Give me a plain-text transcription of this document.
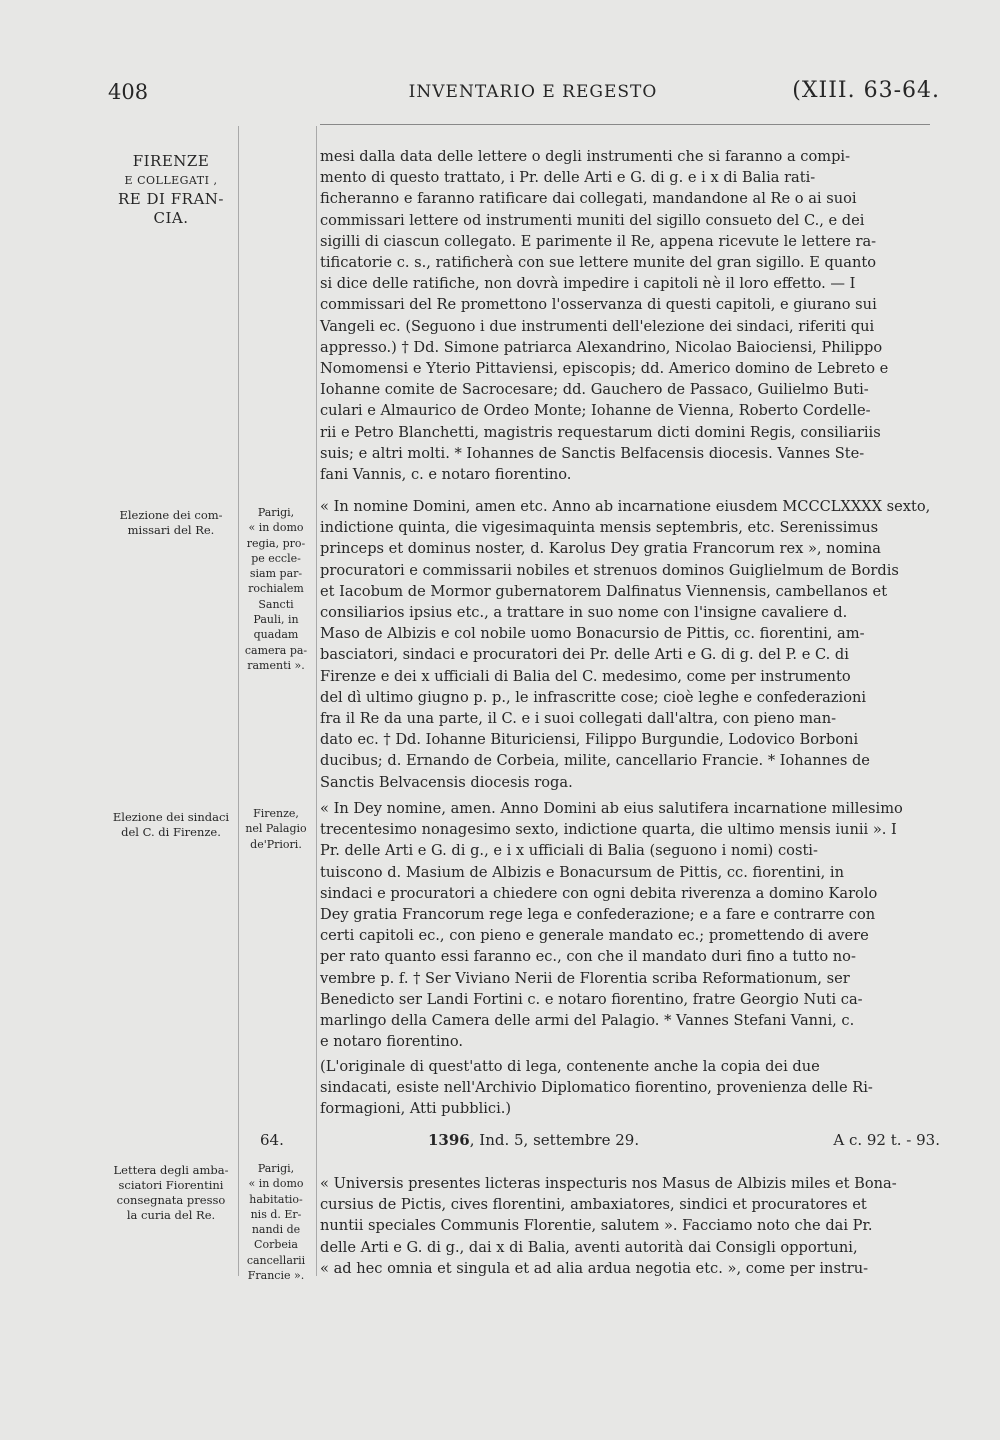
408	INVENTARIO E REGESTO	(XIII. 63-64.
FIRENZE
E COLLEGATI ,
RE DI FRAN-
CIA.
Elezione dei com-
missari del Re.
Elezione dei sindaci
del C. di Firenze.
Lettera degli amba-
sciatori Fiorentini
consegnata presso
la curia del Re.
Parigi,
« in domo
regia, pro-
pe eccle-
siam par-
rochialem
Sancti
Pauli, in
quadam
camera pa-
ramenti ».
Firenze,
nel Palagio
de'Priori.
Parigi,
« in domo
habitatio-
nis d. Er-
nandi de
Corbeia
cancellarii
Francie ».
mesi dalla data delle lettere o degli instrumenti che si faranno a compi-
mento di questo trattato, i Pr. delle Arti e G. di g. e i x di Balia rati-
ficheranno e faranno ratificare dai collegati, mandandone al Re o ai suoi
commissari lettere od instrumenti muniti del sigillo consueto del C., e dei
sigilli di ciascun collegato. E parimente il Re, appena ricevute le lettere ra-
tificatorie c. s., ratificherà con sue lettere munite del gran sigillo. E quanto
si dice delle ratifiche, non dovrà impedire i capitoli nè il loro effetto. — I
commissari del Re promettono l'osservanza di questi capitoli, e giurano sui
Vangeli ec. (Seguono i due instrumenti dell'elezione dei sindaci, riferiti qui
appresso.) † Dd. Simone patriarca Alexandrino, Nicolao Baiociensi, Philippo
Nomomensi e Yterio Pittaviensi, episcopis; dd. Americo domino de Lebreto e
Iohanne comite de Sacrocesare; dd. Gauchero de Passaco, Guilielmo Buti-
culari e Almaurico de Ordeo Monte; Iohanne de Vienna, Roberto Cordelle-
rii e Petro Blanchetti, magistris requestarum dicti domini Regis, consiliariis
suis; e altri molti. * Iohannes de Sanctis Belfacensis diocesis. Vannes Ste-
fani Vannis, c. e notaro fiorentino.
« In nomine Domini, amen etc. Anno ab incarnatione eiusdem MCCCLXXXX sexto,
indictione quinta, die vigesimaquinta mensis septembris, etc. Serenissimus
princeps et dominus noster, d. Karolus Dey gratia Francorum rex », nomina
procuratori e commissarii nobiles et strenuos dominos Guiglielmum de Bordis
et Iacobum de Mormor gubernatorem Dalfinatus Viennensis, cambellanos et
consiliarios ipsius etc., a trattare in suo nome con l'insigne cavaliere d.
Maso de Albizis e col nobile uomo Bonacursio de Pittis, cc. fiorentini, am-
basciatori, sindaci e procuratori dei Pr. delle Arti e G. di g. del P. e C. di
Firenze e dei x ufficiali di Balia del C. medesimo, come per instrumento
del dì ultimo giugno p. p., le infrascritte cose; cioè leghe e confederazioni
fra il Re da una parte, il C. e i suoi collegati dall'altra, con pieno man-
dato ec. † Dd. Iohanne Bituriciensi, Filippo Burgundie, Lodovico Borboni
ducibus; d. Ernando de Corbeia, milite, cancellario Francie. * Iohannes de
Sanctis Belvacensis diocesis roga.
« In Dey nomine, amen. Anno Domini ab eius salutifera incarnatione millesimo
trecentesimo nonagesimo sexto, indictione quarta, die ultimo mensis iunii ». I
Pr. delle Arti e G. di g., e i x ufficiali di Balia (seguono i nomi) costi-
tuiscono d. Masium de Albizis e Bonacursum de Pittis, cc. fiorentini, in
sindaci e procuratori a chiedere con ogni debita riverenza a domino Karolo
Dey gratia Francorum rege lega e confederazione; e a fare e contrarre con
certi capitoli ec., con pieno e generale mandato ec.; promettendo di avere
per rato quanto essi faranno ec., con che il mandato duri fino a tutto no-
vembre p. f. † Ser Viviano Nerii de Florentia scriba Reformationum, ser
Benedicto ser Landi Fortini c. e notaro fiorentino, fratre Georgio Nuti ca-
marlingo della Camera delle armi del Palagio. * Vannes Stefani Vanni, c.
e notaro fiorentino.
(L'originale di quest'atto di lega, contenente anche la copia dei due
sindacati, esiste nell'Archivio Diplomatico fiorentino, provenienza delle Ri-
formagioni, Atti pubblici.)
64.	1396, Ind. 5, settembre 29.	A c. 92 t. - 93.
« Universis presentes licteras inspecturis nos Masus de Albizis miles et Bona-
cursius de Pictis, cives florentini, ambaxiatores, sindici et procuratores et
nuntii speciales Communis Florentie, salutem ». Facciamo noto che dai Pr.
delle Arti e G. di g., dai x di Balia, aventi autorità dai Consigli opportuni,
« ad hec omnia et singula et ad alia ardua negotia etc. », come per instru-
